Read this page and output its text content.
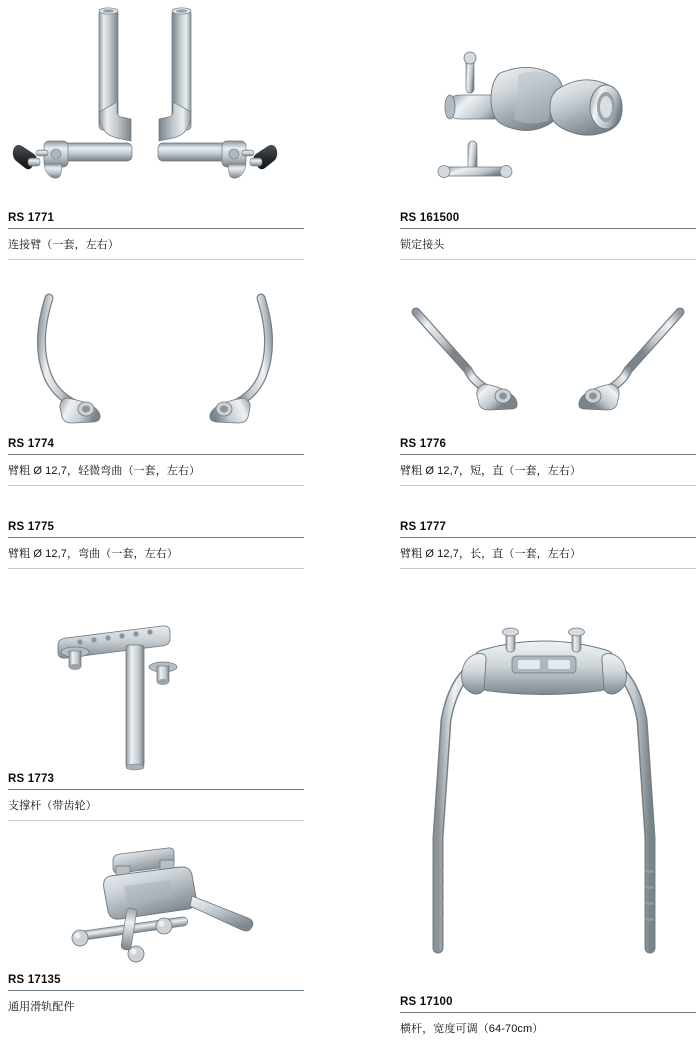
RS 1771
连接臂（一套，左右）
RS 1774
臂粗 Ø 12,7，轻微弯曲（一套，左右）
RS 1775
臂粗 Ø 12,7，弯曲（一套，左右）
RS 1773
支撑杆（带齿轮）
RS 17135
通用滑轨配件
RS 161500
锁定接头
RS 1776
臂粗 Ø 12,7，短，直（一套，左右）
RS 1777
臂粗 Ø 12,7，长，直（一套，左右）
RS 17100
横杆，宽度可调（64-70cm）
